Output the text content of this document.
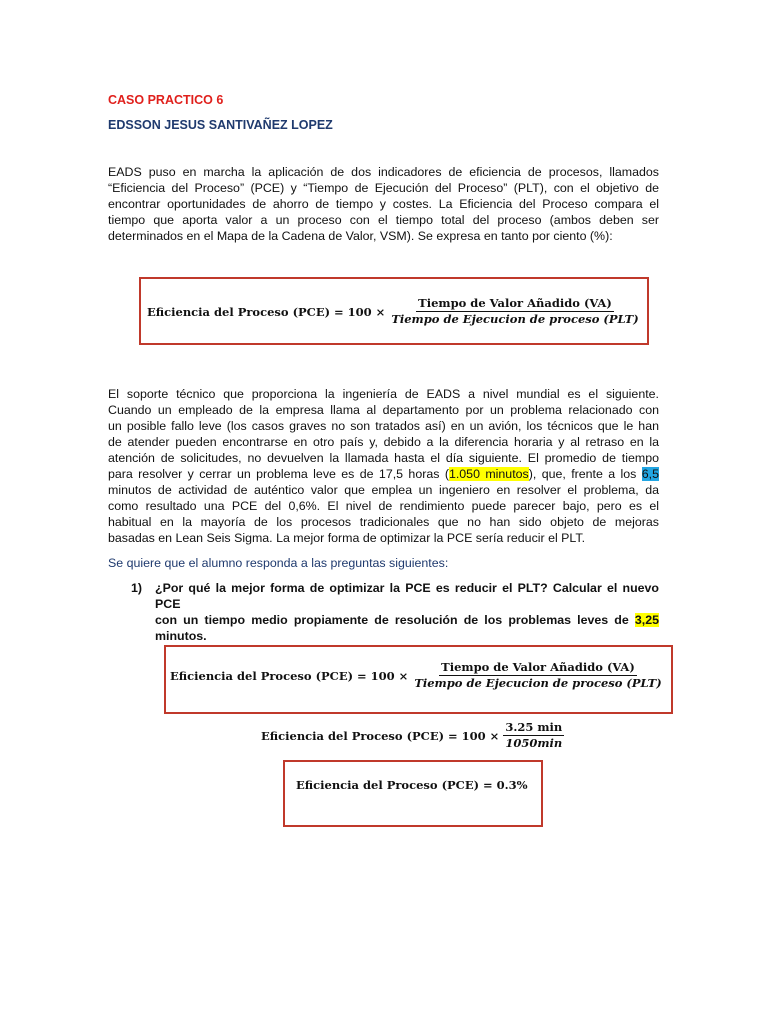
CASO PRACTICO 6
EDSSON JESUS SANTIVAÑEZ LOPEZ
EADS puso en marcha la aplicación de dos indicadores de eficiencia de procesos, llamados
“Eficiencia del Proceso” (PCE) y “Tiempo de Ejecución del Proceso” (PLT), con el objetivo de
encontrar oportunidades de ahorro de tiempo y costes. La Eficiencia del Proceso compara el
tiempo que aporta valor a un proceso con el tiempo total del proceso (ambos deben ser
determinados en el Mapa de la Cadena de Valor, VSM). Se expresa en tanto por ciento (%):
Eficiencia del Proceso $(PCE) = 100 \times \frac{\text{Tiempo de Valor Añadido (VA)}}{\text{Tiempo de Ejecucion de proceso (PLT)}}$
El soporte técnico que proporciona la ingeniería de EADS a nivel mundial es el siguiente.
Cuando un empleado de la empresa llama al departamento por un problema relacionado con
un posible fallo leve (los casos graves no son tratados así) en un avión, los técnicos que le han
de atender pueden encontrarse en otro país y, debido a la diferencia horaria y al retraso en la
atención de solicitudes, no devuelven la llamada hasta el día siguiente. El promedio de tiempo
para resolver y cerrar un problema leve es de 17,5 horas (1.050 minutos), que, frente a los 6,5
minutos de actividad de auténtico valor que emplea un ingeniero en resolver el problema, da
como resultado una PCE del 0,6%. El nivel de rendimiento puede parecer bajo, pero es el
habitual en la mayoría de los procesos tradicionales que no han sido objeto de mejoras
basadas en Lean Seis Sigma. La mejor forma de optimizar la PCE sería reducir el PLT.
Se quiere que el alumno responda a las preguntas siguientes:
1) ¿Por qué la mejor forma de optimizar la PCE es reducir el PLT? Calcular el nuevo PCE
con un tiempo medio propiamente de resolución de los problemas leves de 3,25
minutos.
Eficiencia del Proceso $(PCE) = 100 \times \frac{\text{Tiempo de Valor Añadido (VA)}}{\text{Tiempo de Ejecucion de proceso (PLT)}}$
Eficiencia del Proceso $(PCE) = 100 \times \frac{3.25 \min}{1050\min}$
Eficiencia del Proceso (PCE) = 0.3%
